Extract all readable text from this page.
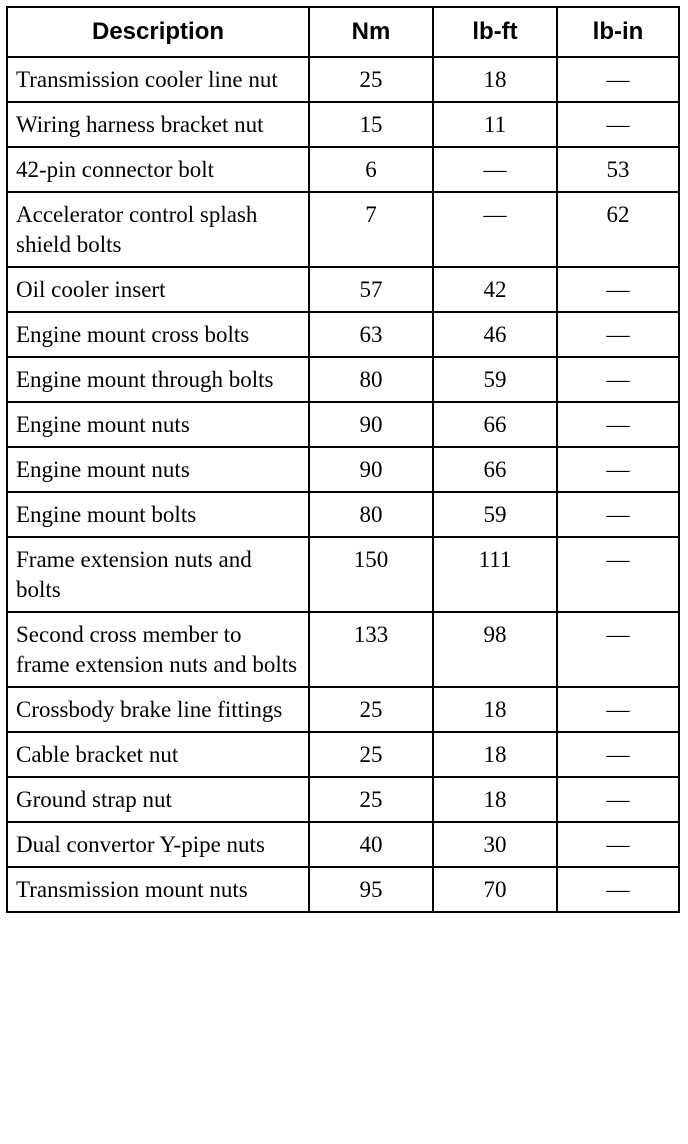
Description	Nm	lb-ft	lb-in
Transmission cooler line nut	25	18	—
Wiring harness bracket nut	15	11	—
42-pin connector bolt	6	—	53
Accelerator control splash shield bolts	7	—	62
Oil cooler insert	57	42	—
Engine mount cross bolts	63	46	—
Engine mount through bolts	80	59	—
Engine mount nuts	90	66	—
Engine mount nuts	90	66	—
Engine mount bolts	80	59	—
Frame extension nuts and bolts	150	111	—
Second cross member to frame extension nuts and bolts	133	98	—
Crossbody brake line fittings	25	18	—
Cable bracket nut	25	18	—
Ground strap nut	25	18	—
Dual convertor Y-pipe nuts	40	30	—
Transmission mount nuts	95	70	—
